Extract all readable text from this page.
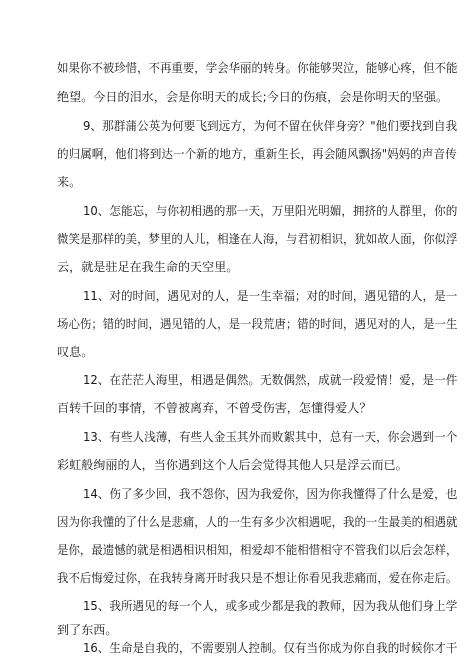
如果你不被珍惜，不再重要，学会华丽的转身。你能够哭泣，能够心疼，但不能
绝望。今日的泪水，会是你明天的成长;今日的伤痕，会是你明天的坚强。
9、那群蒲公英为何要飞到远方，为何不留在伙伴身旁？"他们要找到自我
的归属啊，他们将到达一个新的地方，重新生长，再会随风飘扬"妈妈的声音传
来。
10、怎能忘，与你初相遇的那一天，万里阳光明媚，拥挤的人群里，你的
微笑是那样的美，梦里的人儿，相逢在人海，与君初相识，犹如故人面，你似浮
云，就是驻足在我生命的天空里。
11、对的时间，遇见对的人，是一生幸福；对的时间，遇见错的人，是一
场心伤；错的时间，遇见错的人，是一段荒唐；错的时间，遇见对的人，是一生
叹息。
12、在茫茫人海里，相遇是偶然。无数偶然，成就一段爱情！爱，是一件
百转千回的事情，不曾被离弃，不曾受伤害，怎懂得爱人？
13、有些人浅薄，有些人金玉其外而败絮其中，总有一天，你会遇到一个
彩虹般绚丽的人，当你遇到这个人后会觉得其他人只是浮云而已。
14、伤了多少回，我不怨你，因为我爱你，因为你我懂得了什么是爱，也
因为你我懂的了什么是悲痛，人的一生有多少次相遇呢，我的一生最美的相遇就
是你，最遗憾的就是相遇相识相知，相爱却不能相惜相守不管我们以后会怎样，
我不后悔爱过你，在我转身离开时我只是不想让你看见我悲痛而，爱在你走后。
15、我所遇见的每一个人，或多或少都是我的教师，因为我从他们身上学
到了东西。
16、生命是自我的，不需要别人控制。仅有当你成为你自我的时候你才干
